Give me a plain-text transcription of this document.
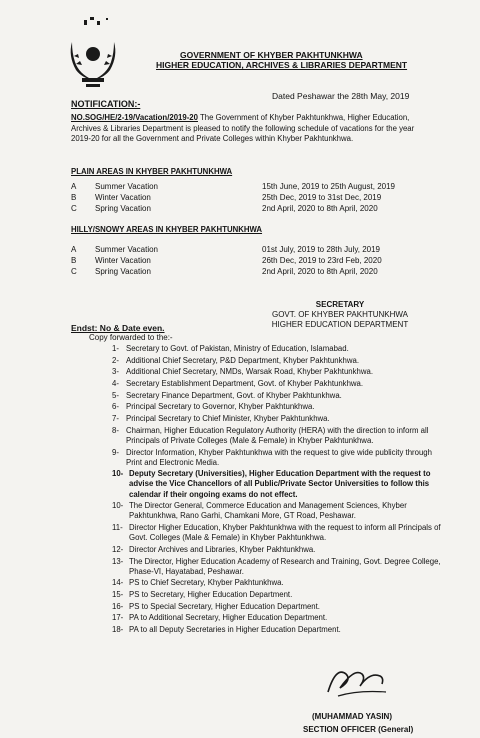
GOVERNMENT OF KHYBER PAKHTUNKHWA
HIGHER EDUCATION, ARCHIVES & LIBRARIES DEPARTMENT
NOTIFICATION:-
Dated Peshawar the 28th May, 2019
NO.SOG/HE/2-19/Vacation/2019-20 The Government of Khyber Pakhtunkhwa, Higher Education, Archives & Libraries Department is pleased to notify the following schedule of vacations for the year 2019-20 for all the Government and Private Colleges within Khyber Pakhtunkhwa.
PLAIN AREAS IN KHYBER PAKHTUNKHWA
A Summer Vacation	15th June, 2019 to 25th August, 2019
B Winter Vacation	25th Dec, 2019 to 31st Dec, 2019
C Spring Vacation	2nd April, 2020 to 8th April, 2020
HILLY/SNOWY AREAS IN KHYBER PAKHTUNKHWA
A Summer Vacation	01st July, 2019 to 28th July, 2019
B Winter Vacation	26th Dec, 2019 to 23rd Feb, 2020
C Spring Vacation	2nd April, 2020 to 8th April, 2020
SECRETARY
GOVT. OF KHYBER PAKHTUNKHWA
HIGHER EDUCATION DEPARTMENT
Endst: No & Date even.
Copy forwarded to the:-
1- Secretary to Govt. of Pakistan, Ministry of Education, Islamabad.
2- Additional Chief Secretary, P&D Department, Khyber Pakhtunkhwa.
3- Additional Chief Secretary, NMDs, Warsak Road, Khyber Pakhtunkhwa.
4- Secretary Establishment Department, Govt. of Khyber Pakhtunkhwa.
5- Secretary Finance Department, Govt. of Khyber Pakhtunkhwa.
6- Principal Secretary to Governor, Khyber Pakhtunkhwa.
7- Principal Secretary to Chief Minister, Khyber Pakhtunkhwa.
8- Chairman, Higher Education Regulatory Authority (HERA) with the direction to inform all Principals of Private Colleges (Male & Female) in Khyber Pakhtunkhwa.
9- Director Information, Khyber Pakhtunkhwa with the request to give wide publicity through Print and Electronic Media.
10- Deputy Secretary (Universities), Higher Education Department with the request to advise the Vice Chancellors of all Public/Private Sector Universities to follow this calendar if their ongoing exams do not effect.
10- The Director General, Commerce Education and Management Sciences, Khyber Pakhtunkhwa, Rano Garhi, Chamkani More, GT Road, Peshawar.
11- Director Higher Education, Khyber Pakhtunkhwa with the request to inform all Principals of Govt. Colleges (Male & Female) in Khyber Pakhtunkhwa.
12- Director Archives and Libraries, Khyber Pakhtunkhwa.
13- The Director, Higher Education Academy of Research and Training, Govt. Degree College, Phase-VI, Hayatabad, Peshawar.
14- PS to Chief Secretary, Khyber Pakhtunkhwa.
15- PS to Secretary, Higher Education Department.
16- PS to Special Secretary, Higher Education Department.
17- PA to Additional Secretary, Higher Education Department.
18- PA to all Deputy Secretaries in Higher Education Department.
(MUHAMMAD YASIN)
SECTION OFFICER (General)
